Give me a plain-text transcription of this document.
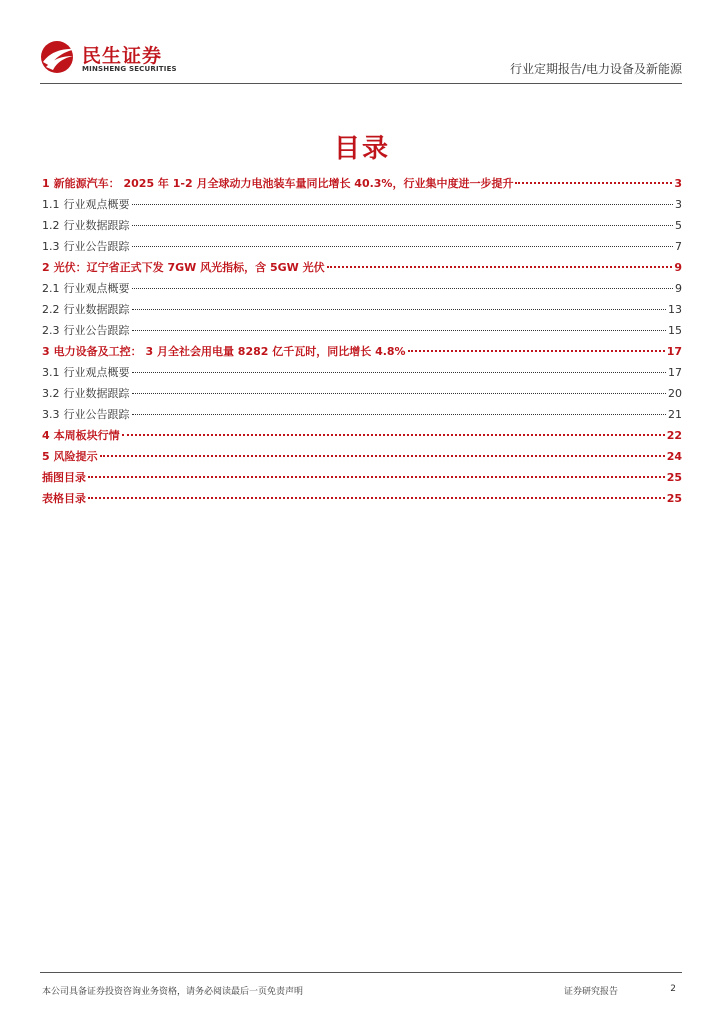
民生证券
MINSHENG SECURITIES	行业定期报告/电力设备及新能源
目录
1 新能源汽车： 2025 年 1-2 月全球动力电池装车量同比增长 40.3%，行业集中度进一步提升	3
1.1 行业观点概要	3
1.2 行业数据跟踪	5
1.3 行业公告跟踪	7
2 光伏：辽宁省正式下发 7GW 风光指标，含 5GW 光伏	9
2.1 行业观点概要	9
2.2 行业数据跟踪	13
2.3 行业公告跟踪	15
3 电力设备及工控： 3 月全社会用电量 8282 亿千瓦时，同比增长 4.8%	17
3.1 行业观点概要	17
3.2 行业数据跟踪	20
3.3 行业公告跟踪	21
4 本周板块行情	22
5 风险提示	24
插图目录	25
表格目录	25
本公司具备证券投资咨询业务资格，请务必阅读最后一页免责声明	证券研究报告	2
